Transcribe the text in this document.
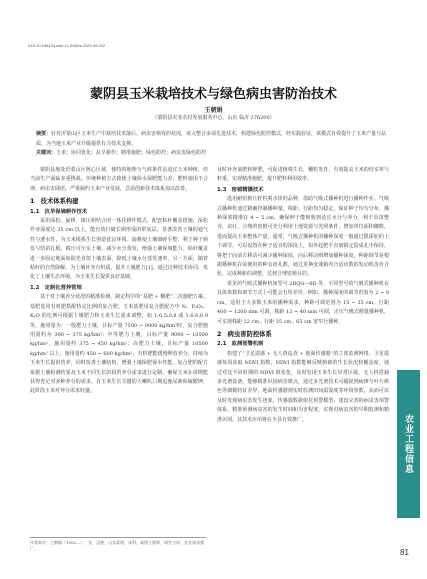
DOI:10.16813/j.cnki.11-5436/s.2025.08.032
蒙阴县玉米栽培技术与绿色病虫害防治技术
王朝娟
（蒙阴县农业农村发展服务中心，山东 临沂 276200）
摘要：针对沂蒙山区玉米生产中栽培技术落后、病虫害频发的状况，该文整合多项先进技术，构建绿色防控模式，经实践验证，该模式有效提升了玉米产量与品质，为当地玉米产业升级提供有力技术支撑。
关键词：玉米；协同优化；抗旱耕作；精准施肥；绿色防控；病虫害绿色防控

蒙阴县地处沂蒙山区核心区域，独特的地理与气候条件虽适宜玉米种植，但当前生产面临多重挑战。传统种植方式致使土壤保水保肥能力差，肥料施用不合理，病虫害肆虐，严重制约玉米产业发展，急需创新技术体系加以改善。

1　技术体系构建
1.1　抗旱保墒耕作技术

采用深松、旋耕、镇压相结合的一体化耕作模式，配套秸秆覆盖措施，深松作业深度达 35 cm 以上，能有效打破长期形成的犁底层，显著改善土壤的通气性与透水性，为玉米根系生长创造优良环境。旋耕使土壤细碎平整，利于种子萌发与幼苗扎根，镇压可压实土壤，减少水分蒸发，增强土壤保墒能力。秸秆覆盖进一步固定地面和阳光直射土壤表面，降低土壤水分蒸发速率，另一方面，随着秸秆的自然降解，为土壤补充有机质，提升土壤肥力[1]。通过这种技术协同，优化了土壤生态环境，为玉米生长提供良好基础。

1.2　定制化营养管理

基于对土壤养分状况的精准检测，制定科学的“基肥 + 穗肥”二次施肥方案。基肥选用有机肥搭配特定比例的复合肥。玉米基肥用复合肥配方中 N、P₂O₅、K₂O 的比例可根据土壤肥力和玉米生长需求调整，如 1:0.5:0.8 或 1:0.6:0.9 等，施用量为：一般肥力土壤，目标产量 7500 ~ 9000 kg/hm²时，复合肥施用量约为 300 ~ 375 kg/hm²；中等肥力土壤，目标产量 9000 ~ 10500 kg/hm²，施用量约 375 ~ 450 kg/hm²；高肥力土壤，目标产量 10500 kg/hm² 以上，施用量约 450 ~ 600 kg/hm²，有机肥能缓慢释放养分，持续为玉米生长提供营养，同时改善土壤结构，增强土壤保肥保水性能。复合肥的配方依据土壤检测结果及玉米不同生长阶段的养分需求进行定制，确保玉米在苗期能获得充足对多种养分的需求。在玉米生长关键的大喇叭口期追施尿素和硫酸钾，此阶段玉米对养分需求旺盛。

及时补充氮肥和钾肥，可促进植株生长，穗粒发育，有效提高玉米的结实率与粒重，实现精准施肥，提升肥料利用效率。

1.3　密植精播技术

选用耐密植且籽粒脱水快的品种，借助气吸式播种机进行播种作业。气吸式播种机通过精确控制播种量，株距、行距均匀稳定，保证种子均匀分布，播种深度精准在 4 ~ 5 cm，确保种子能吸收到适宜水分与养分，利于出苗整齐、苗壮。合理的密植可充分利用土地资源与光照条件，增加单位面积穗数，进而提高玉米整体产量，通常，气吸式播种机的播种深度一般通过限深轮的上下调节，可以设置在种子适宜的深度上，如外起肥平直到镇定造成孔中保持，将把子向前方移动可减少播种深度，向后移动则增加播种深度。种距调节是根据播种机在前便用的种有盘孔数，通过更换变速箱内合适齿数的发动机齿齿合轮，完成种距的调整，达到合理密植目的。

常见的气吸式播种机如型号 2BQG—6D 等，不同型号的气吸式播种机在具体参数和调节方式上可能会有所差异。例如，播种深度的调节范围为 2 ~ 8 cm，适用于大多数玉米的播种需求，种距可调范围为 15 ~ 35 cm。行距 400 ~ 1200 mm 可调，株距 12 ~ 40 mm 可调，正压气吸式精量播种机，可实现株距 22 cm，行距 35 cm，65 cm 宽窄行播种。

2　病虫害防控体系
2.1　监测预警机制

构建了“卫星遥感 + 无人机巡查 + 地面传感器”的立体监测网络，卫星遥感每周获取 NDVI 指数，NDVI 指数能够反映植被的生长状况和覆盖度，通过对比不同时期的 NDVI 值变化，及时发现玉米生长异常区域。无人机搭载多光谱设备，能够精准识别病害斑点，通过多光谱技术可捕捉到病斑与叶片颜色等细微特征差异，地面传感器则实时监测田间温湿度等环境参数，从而可以及时发现病虫害发生迹象，传感器数据依托预警模型，建设完善的病虫害预警体系，精准预测病虫害的发生时间和为害程度，实现对病虫害的早期监测和精准识别，其技术应用将在全县有效推广。

作者简介：王朝娟（1982—），女，汉族，山东蒙阴，本科，高级工程师，研究方向：农业技术推广。
农业工程信息
81
